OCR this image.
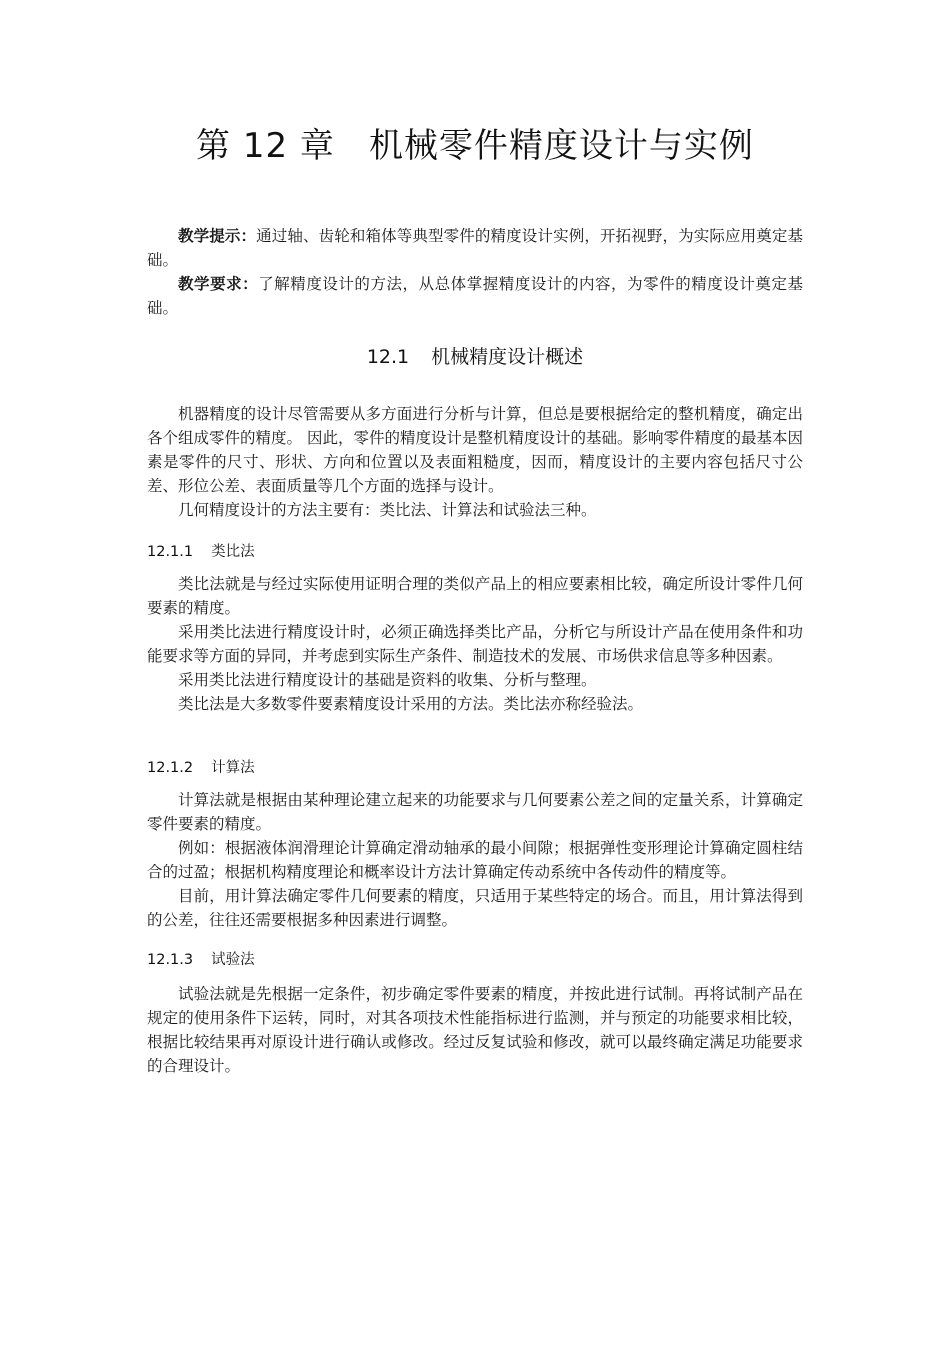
第 12 章 机械零件精度设计与实例

教学提示：通过轴、齿轮和箱体等典型零件的精度设计实例，开拓视野，为实际应用奠定基础。

教学要求：了解精度设计的方法，从总体掌握精度设计的内容，为零件的精度设计奠定基础。

12.1 机械精度设计概述

机器精度的设计尽管需要从多方面进行分析与计算，但总是要根据给定的整机精度，确定出各个组成零件的精度。 因此，零件的精度设计是整机精度设计的基础。影响零件精度的最基本因素是零件的尺寸、形状、方向和位置以及表面粗糙度，因而，精度设计的主要内容包括尺寸公差、形位公差、表面质量等几个方面的选择与设计。

几何精度设计的方法主要有：类比法、计算法和试验法三种。

12.1.1 类比法

类比法就是与经过实际使用证明合理的类似产品上的相应要素相比较，确定所设计零件几何要素的精度。

采用类比法进行精度设计时，必须正确选择类比产品，分析它与所设计产品在使用条件和功能要求等方面的异同，并考虑到实际生产条件、制造技术的发展、市场供求信息等多种因素。

采用类比法进行精度设计的基础是资料的收集、分析与整理。

类比法是大多数零件要素精度设计采用的方法。类比法亦称经验法。

12.1.2 计算法

计算法就是根据由某种理论建立起来的功能要求与几何要素公差之间的定量关系，计算确定零件要素的精度。

例如：根据液体润滑理论计算确定滑动轴承的最小间隙；根据弹性变形理论计算确定圆柱结合的过盈；根据机构精度理论和概率设计方法计算确定传动系统中各传动件的精度等。

目前，用计算法确定零件几何要素的精度，只适用于某些特定的场合。而且，用计算法得到的公差，往往还需要根据多种因素进行调整。

12.1.3 试验法

试验法就是先根据一定条件，初步确定零件要素的精度，并按此进行试制。再将试制产品在规定的使用条件下运转，同时，对其各项技术性能指标进行监测，并与预定的功能要求相比较，根据比较结果再对原设计进行确认或修改。经过反复试验和修改，就可以最终确定满足功能要求的合理设计。
